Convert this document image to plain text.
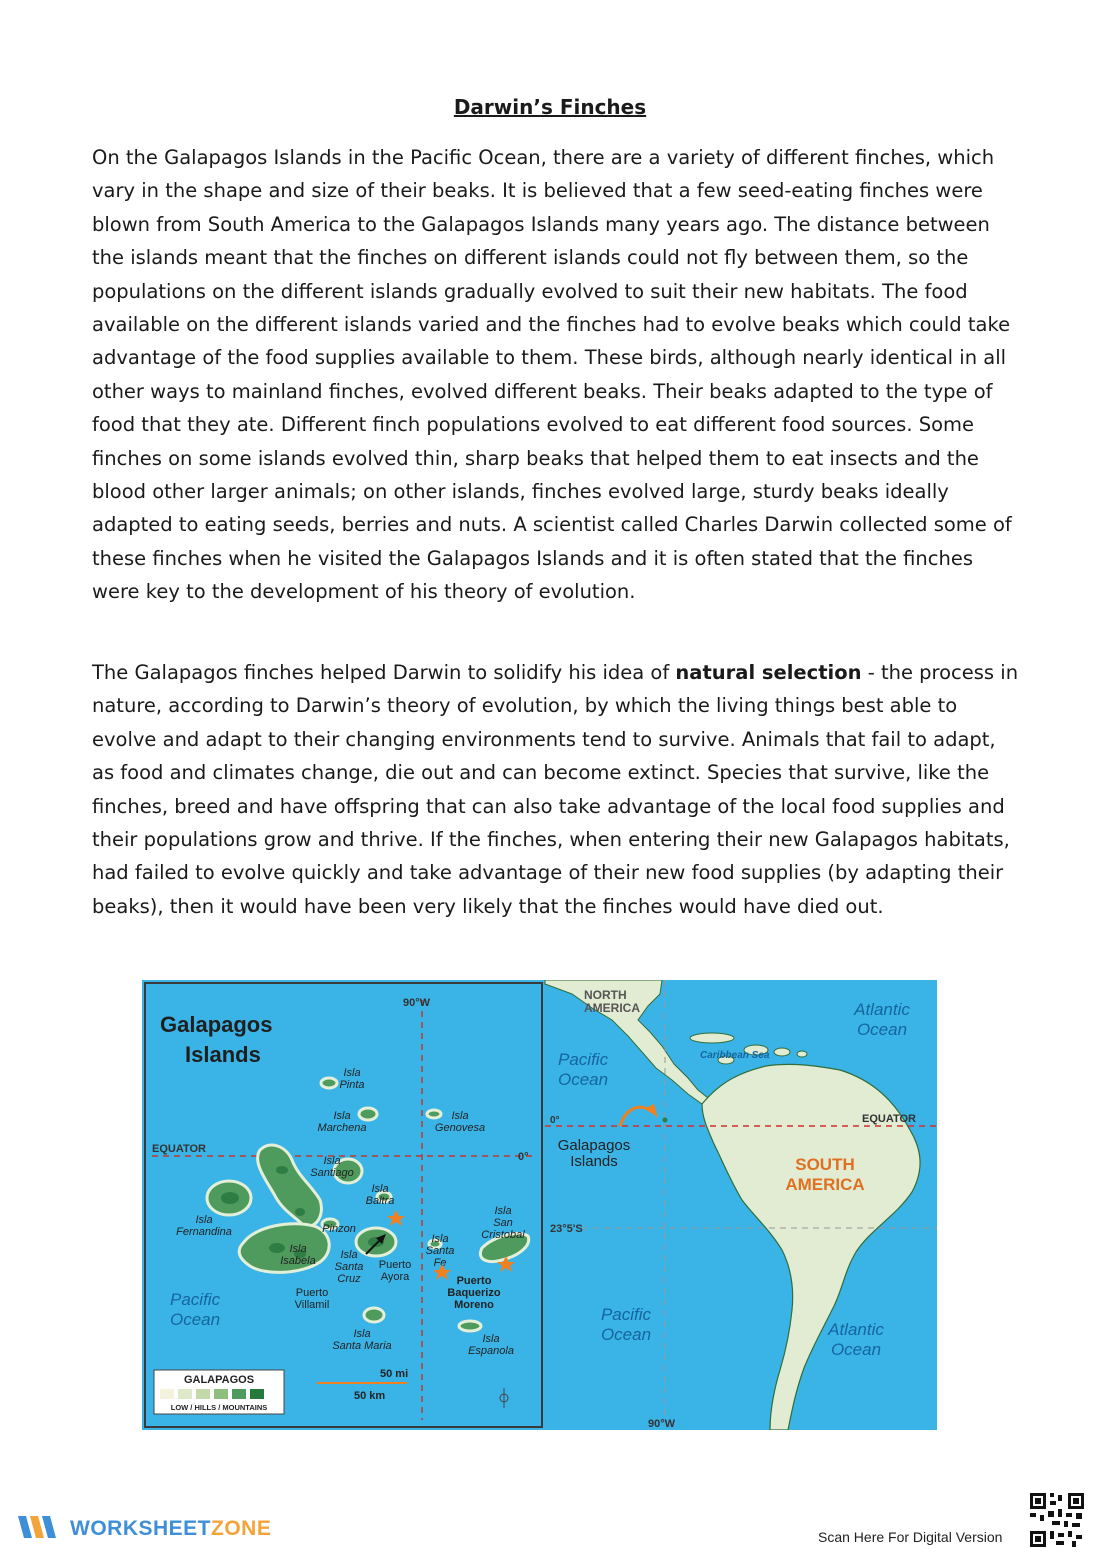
Darwin’s Finches

On the Galapagos Islands in the Pacific Ocean, there are a variety of different finches, which vary in the shape and size of their beaks. It is believed that a few seed-eating finches were blown from South America to the Galapagos Islands many years ago. The distance between the islands meant that the finches on different islands could not fly between them, so the populations on the different islands gradually evolved to suit their new habitats. The food available on the different islands varied and the finches had to evolve beaks which could take advantage of the food supplies available to them. These birds, although nearly identical in all other ways to mainland finches, evolved different beaks. Their beaks adapted to the type of food that they ate. Different finch populations evolved to eat different food sources. Some finches on some islands evolved thin, sharp beaks that helped them to eat insects and the blood other larger animals; on other islands, finches evolved large, sturdy beaks ideally adapted to eating seeds, berries and nuts. A scientist called Charles Darwin collected some of these finches when he visited the Galapagos Islands and it is often stated that the finches were key to the development of his theory of evolution.

The Galapagos finches helped Darwin to solidify his idea of natural selection - the process in nature, according to Darwin’s theory of evolution, by which the living things best able to evolve and adapt to their changing environments tend to survive. Animals that fail to adapt, as food and climates change, die out and can become extinct. Species that survive, like the finches, breed and have offspring that can also take advantage of the local food supplies and their populations grow and thrive. If the finches, when entering their new Galapagos habitats, had failed to evolve quickly and take advantage of their new food supplies (by adapting their beaks), then it would have been very likely that the finches would have died out.

Galapagos
Islands
90°W
EQUATOR
0°
Isla Pinta
Isla Marchena
Isla Genovesa
Isla Santiago
Isla Baltra
Isla Fernandina	Pinzon
Isla Isabela	Isla Santa Cruz
Isla Santa Fe
Isla San Cristobal
Isla Santa Maria
Isla Espanola
Puerto Ayora
Puerto Villamil
Puerto Baquerizo Moreno
Pacific Ocean
50 mi
50 km
GALAPAGOS
LOW / HILLS / MOUNTAINS
NORTH AMERICA
Caribbean Sea
Atlantic Ocean
Pacific Ocean
0°	EQUATOR
Galapagos Islands	SOUTH AMERICA
23°5'S
Pacific Ocean	Atlantic Ocean
90°W
WORKSHEETZONE	Scan Here For Digital Version
